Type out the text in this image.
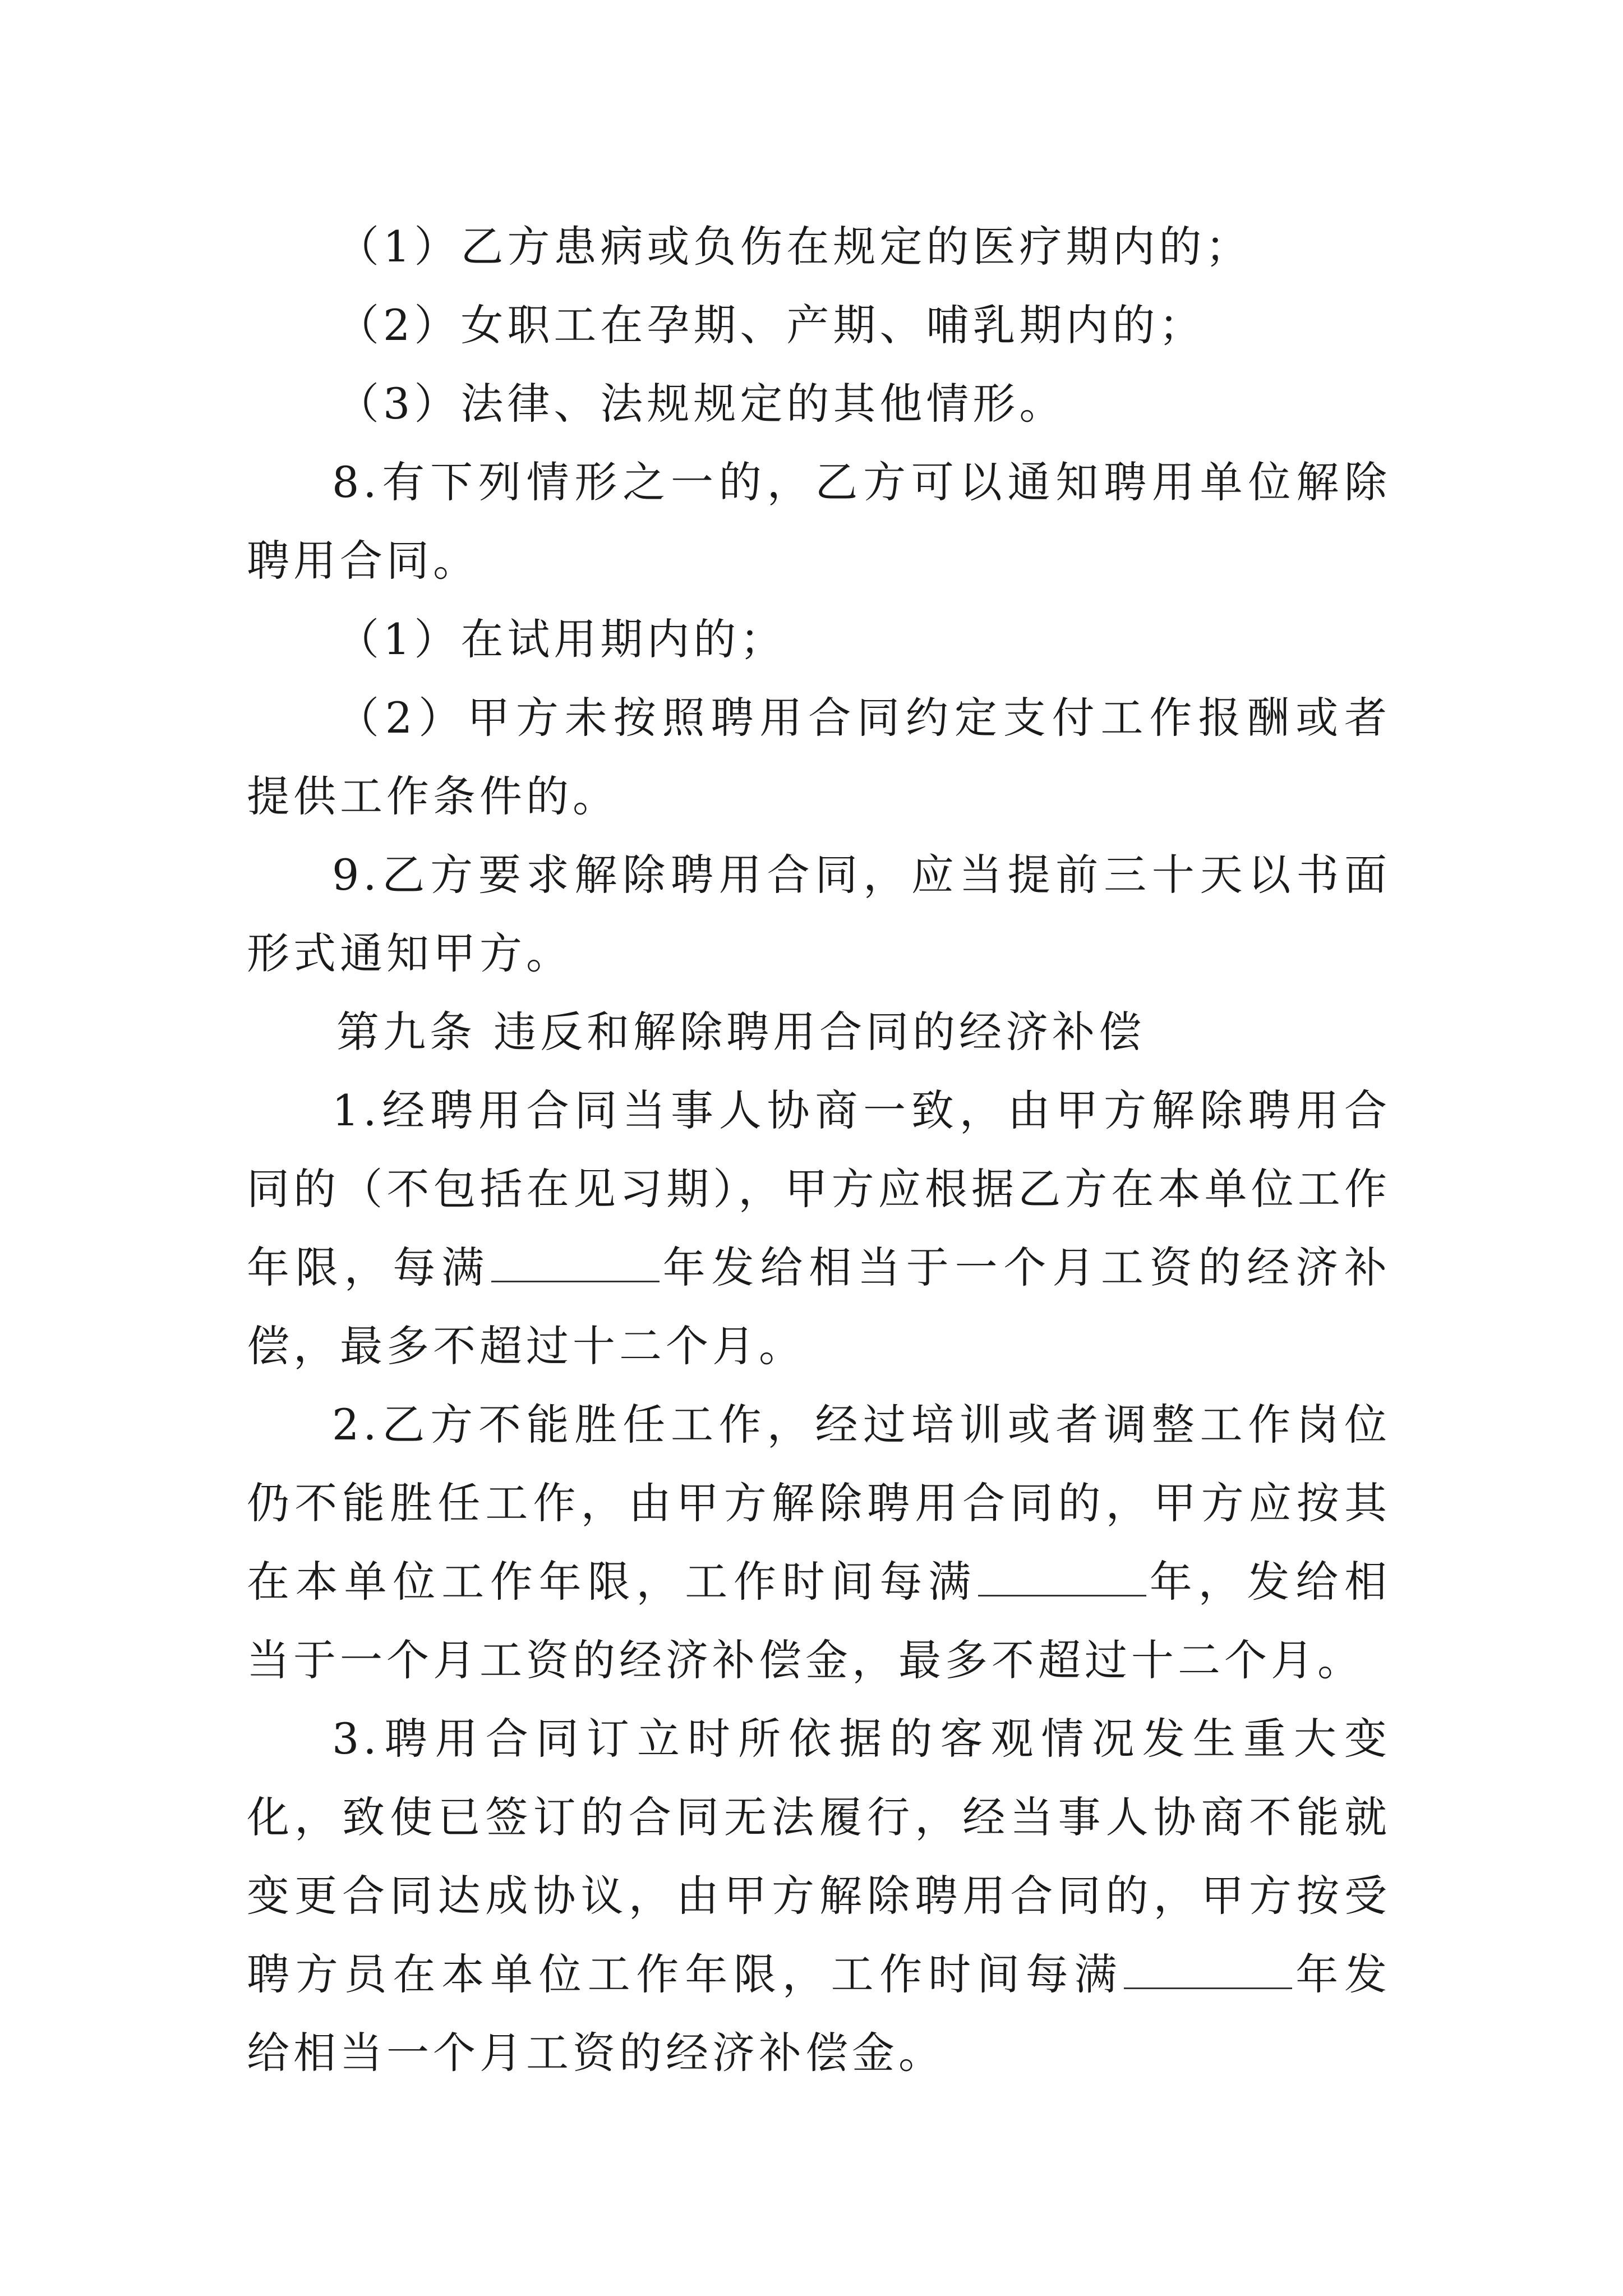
（1）乙方患病或负伤在规定的医疗期内的；

（2）女职工在孕期、产期、哺乳期内的；

（3）法律、法规规定的其他情形。

8.有下列情形之一的，乙方可以通知聘用单位解除聘用合同。

（1）在试用期内的；

（2）甲方未按照聘用合同约定支付工作报酬或者提供工作条件的。

9.乙方要求解除聘用合同，应当提前三十天以书面形式通知甲方。

第九条 违反和解除聘用合同的经济补偿

1.经聘用合同当事人协商一致，由甲方解除聘用合同的（不包括在见习期），甲方应根据乙方在本单位工作年限，每满	年发给相当于一个月工资的经济补偿，最多不超过十二个月。

2.乙方不能胜任工作，经过培训或者调整工作岗位仍不能胜任工作，由甲方解除聘用合同的，甲方应按其在本单位工作年限，工作时间每满	年，发给相当于一个月工资的经济补偿金，最多不超过十二个月。

3.聘用合同订立时所依据的客观情况发生重大变化，致使已签订的合同无法履行，经当事人协商不能就变更合同达成协议，由甲方解除聘用合同的，甲方按受聘方员在本单位工作年限，工作时间每满	年发给相当一个月工资的经济补偿金。
